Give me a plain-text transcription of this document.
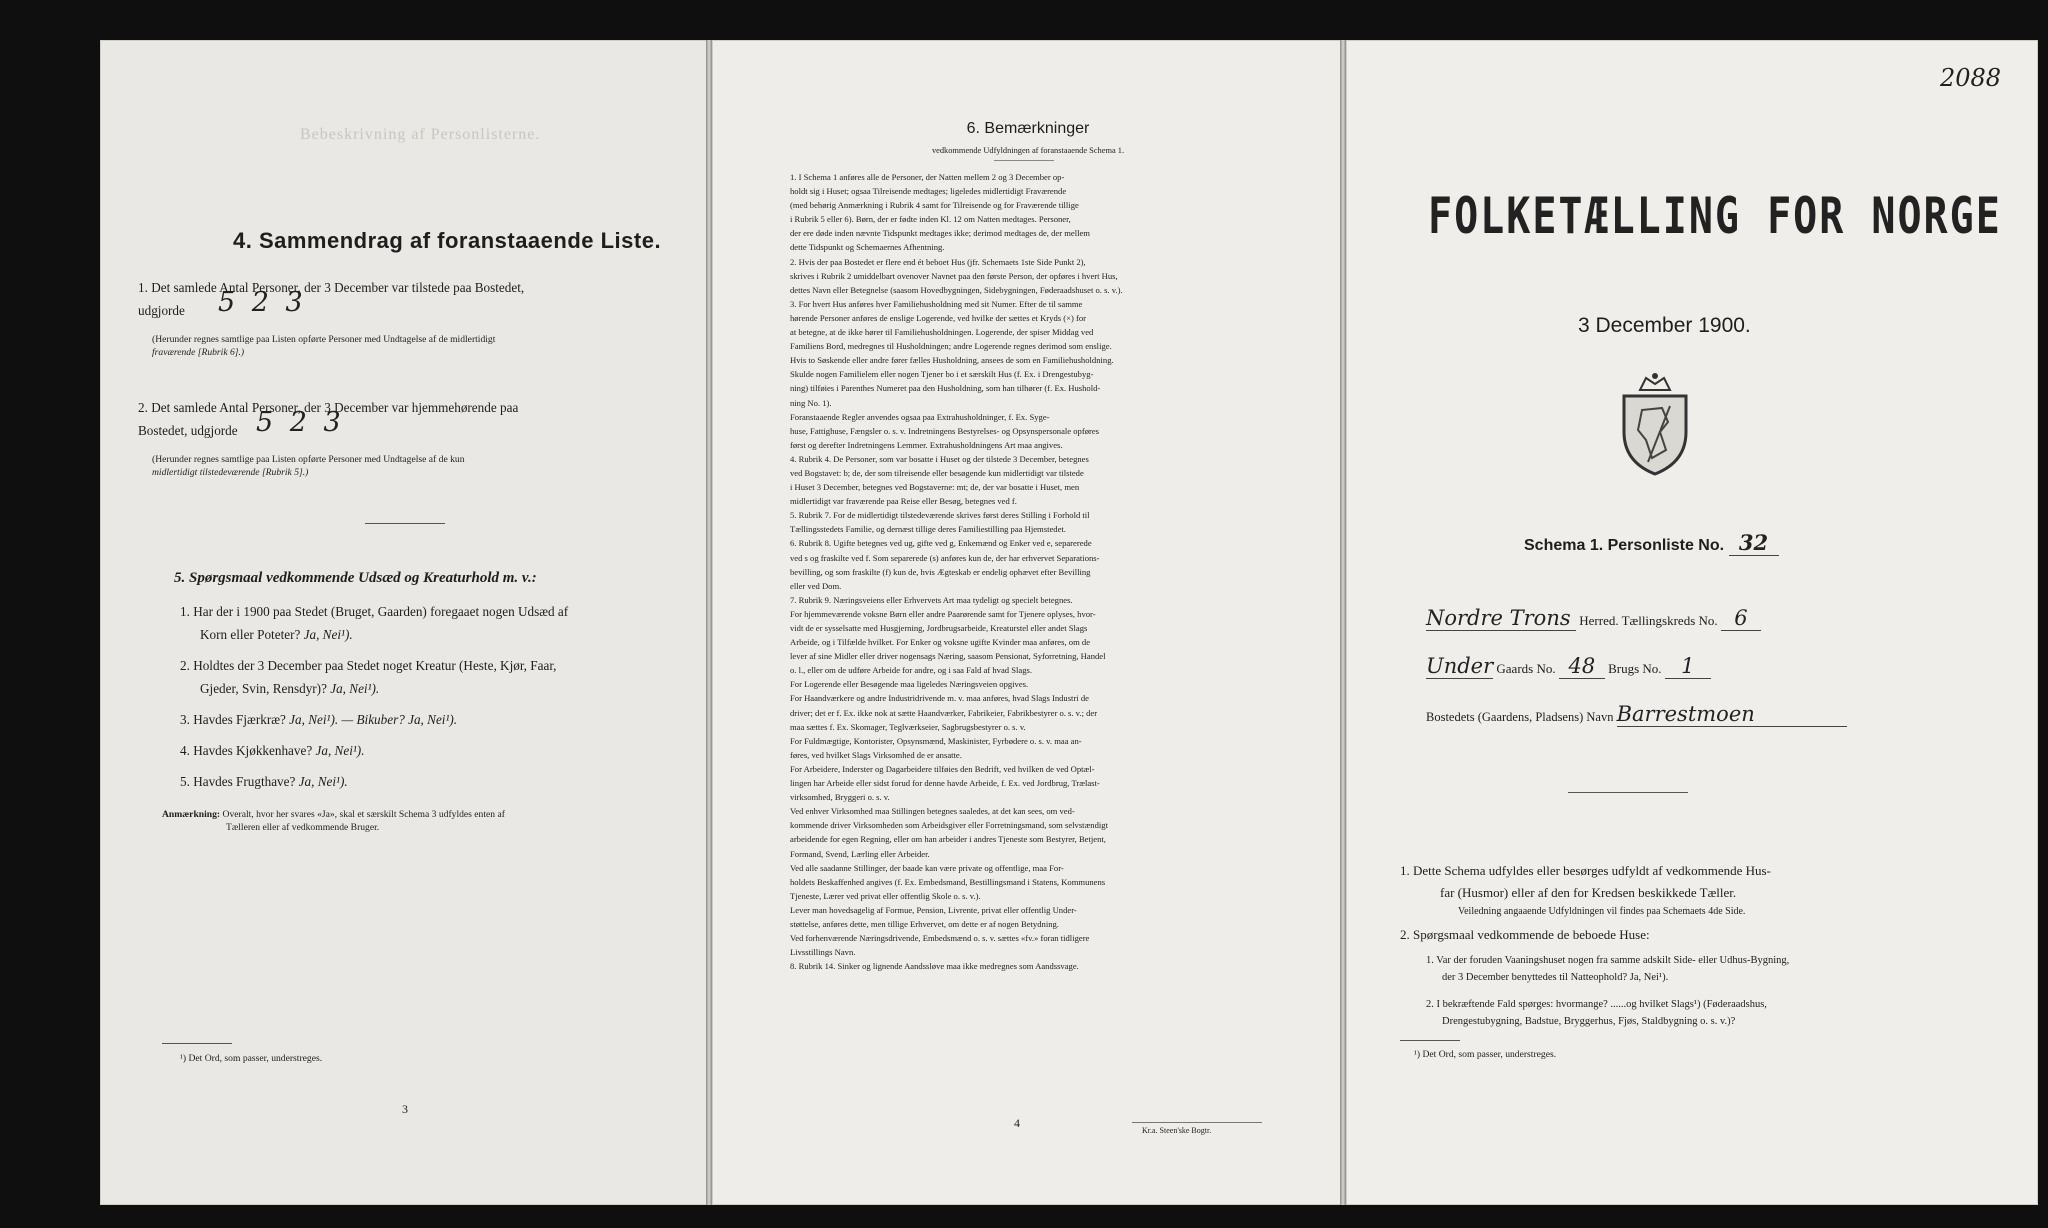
Bebeskrivning af Personlisterne.
4. Sammendrag af foranstaaende Liste.
1. Det samlede Antal Personer, der 3 December var tilstede paa Bostedet,
udgjorde 5 2 3
(Herunder regnes samtlige paa Listen opførte Personer med Undtagelse af de midlertidigt
fraværende [Rubrik 6].)
2. Det samlede Antal Personer, der 3 December var hjemmehørende paa
Bostedet, udgjorde 5 2 3
(Herunder regnes samtlige paa Listen opførte Personer med Undtagelse af de kun
midlertidigt tilstedeværende [Rubrik 5].)
5. Spørgsmaal vedkommende Udsæd og Kreaturhold m. v.:
1. Har der i 1900 paa Stedet (Bruget, Gaarden) foregaaet nogen Udsæd af
Korn eller Poteter? Ja, Nei¹).
2. Holdtes der 3 December paa Stedet noget Kreatur (Heste, Kjør, Faar,
Gjeder, Svin, Rensdyr)? Ja, Nei¹).
3. Havdes Fjærkræ? Ja, Nei¹). — Bikuber? Ja, Nei¹).
4. Havdes Kjøkkenhave? Ja, Nei¹).
5. Havdes Frugthave? Ja, Nei¹).
Anmærkning: Overalt, hvor her svares «Ja», skal et særskilt Schema 3 udfyldes enten af
Tælleren eller af vedkommende Bruger.
¹) Det Ord, som passer, understreges.
3
6. Bemærkninger
vedkommende Udfyldningen af foranstaaende Schema 1.
1. I Schema 1 anføres alle de Personer, der Natten mellem 2 og 3 December op-
holdt sig i Huset; ogsaa Tilreisende medtages; ligeledes midlertidigt Fraværende
(med behørig Anmærkning i Rubrik 4 samt for Tilreisende og for Fraværende tillige
i Rubrik 5 eller 6). Børn, der er fødte inden Kl. 12 om Natten medtages. Personer,
der ere døde inden nævnte Tidspunkt medtages ikke; derimod medtages de, der mellem
dette Tidspunkt og Schemaernes Afhentning.
2. Hvis der paa Bostedet er flere end ét beboet Hus (jfr. Schemaets 1ste Side Punkt 2),
skrives i Rubrik 2 umiddelbart ovenover Navnet paa den første Person, der opføres i hvert Hus,
dettes Navn eller Betegnelse (saasom Hovedbygningen, Sidebygningen, Føderaadshuset o. s. v.).
3. For hvert Hus anføres hver Familiehusholdning med sit Numer. Efter de til samme
hørende Personer anføres de enslige Logerende, ved hvilke der sættes et Kryds (×) for
at betegne, at de ikke hører til Familiehusholdningen. Logerende, der spiser Middag ved
Familiens Bord, medregnes til Husholdningen; andre Logerende regnes derimod som enslige.
Hvis to Søskende eller andre fører fælles Husholdning, ansees de som en Familiehusholdning.
Skulde nogen Familielem eller nogen Tjener bo i et særskilt Hus (f. Ex. i Drengestubyg-
ning) tilføies i Parenthes Numeret paa den Husholdning, som han tilhører (f. Ex. Hushold-
ning No. 1).
Foranstaaende Regler anvendes ogsaa paa Extrahusholdninger, f. Ex. Syge-
huse, Fattighuse, Fængsler o. s. v. Indretningens Bestyrelses- og Opsynspersonale opføres
først og derefter Indretningens Lemmer. Extrahusholdningens Art maa angives.
4. Rubrik 4. De Personer, som var bosatte i Huset og der tilstede 3 December, betegnes
ved Bogstavet: b; de, der som tilreisende eller besøgende kun midlertidigt var tilstede
i Huset 3 December, betegnes ved Bogstaverne: mt; de, der var bosatte i Huset, men
midlertidigt var fraværende paa Reise eller Besøg, betegnes ved f.
5. Rubrik 7. For de midlertidigt tilstedeværende skrives først deres Stilling i Forhold til
Tællingsstedets Familie, og dernæst tillige deres Familiestilling paa Hjemstedet.
6. Rubrik 8. Ugifte betegnes ved ug, gifte ved g, Enkemænd og Enker ved e, separerede
ved s og fraskilte ved f. Som separerede (s) anføres kun de, der har erhvervet Separations-
bevilling, og som fraskilte (f) kun de, hvis Ægteskab er endelig ophævet efter Bevilling
eller ved Dom.
7. Rubrik 9. Næringsveiens eller Erhvervets Art maa tydeligt og specielt betegnes.
For hjemmeværende voksne Børn eller andre Paarørende samt for Tjenere oplyses, hvor-
vidt de er sysselsatte med Husgjerning, Jordbrugsarbeide, Kreaturstel eller andet Slags
Arbeide, og i Tilfælde hvilket. For Enker og voksne ugifte Kvinder maa anføres, om de
lever af sine Midler eller driver nogensags Næring, saasom Pensionat, Syforretning, Handel
o. l., eller om de udføre Arbeide for andre, og i saa Fald af hvad Slags.
For Logerende eller Besøgende maa ligeledes Næringsveien opgives.
For Haandværkere og andre Industridrivende m. v. maa anføres, hvad Slags Industri de
driver; det er f. Ex. ikke nok at sætte Haandværker, Fabrikeier, Fabrikbestyrer o. s. v.; der
maa sættes f. Ex. Skomager, Teglværkseier, Sagbrugsbestyrer o. s. v.
For Fuldmægtige, Kontorister, Opsynsmænd, Maskinister, Fyrbødere o. s. v. maa an-
føres, ved hvilket Slags Virksomhed de er ansatte.
For Arbeidere, Inderster og Dagarbeidere tilføies den Bedrift, ved hvilken de ved Optæl-
lingen har Arbeide eller sidst forud for denne havde Arbeide, f. Ex. ved Jordbrug, Trælast-
virksomhed, Bryggeri o. s. v.
Ved enhver Virksomhed maa Stillingen betegnes saaledes, at det kan sees, om ved-
kommende driver Virksomheden som Arbeidsgiver eller Forretningsmand, som selvstændigt
arbeidende for egen Regning, eller om han arbeider i andres Tjeneste som Bestyrer, Betjent,
Formand, Svend, Lærling eller Arbeider.
Ved alle saadanne Stillinger, der baade kan være private og offentlige, maa For-
holdets Beskaffenhed angives (f. Ex. Embedsmand, Bestillingsmand i Statens, Kommunens
Tjeneste, Lærer ved privat eller offentlig Skole o. s. v.).
Lever man hovedsagelig af Formue, Pension, Livrente, privat eller offentlig Under-
støttelse, anføres dette, men tillige Erhvervet, om dette er af nogen Betydning.
Ved forhenværende Næringsdrivende, Embedsmænd o. s. v. sættes «fv.» foran tidligere
Livsstillings Navn.
8. Rubrik 14. Sinker og lignende Aandssløve maa ikke medregnes som Aandssvage.
4
Kr.a. Steen'ske Bogtr.
2088
FOLKETÆLLING FOR NORGE
3 December 1900.
Schema 1. Personliste No. 32
Nordre Trons Herred. Tællingskreds No. 6
Under Gaards No. 48 Brugs No. 1
Bostedets (Gaardens, Pladsens) Navn Barrestmoen
1. Dette Schema udfyldes eller besørges udfyldt af vedkommende Hus-
far (Husmor) eller af den for Kredsen beskikkede Tæller.
Veiledning angaaende Udfyldningen vil findes paa Schemaets 4de Side.
2. Spørgsmaal vedkommende de beboede Huse:
1. Var der foruden Vaaningshuset nogen fra samme adskilt Side- eller Udhus-Bygning,
der 3 December benyttedes til Natteophold? Ja, Nei¹).
2. I bekræftende Fald spørges: hvormange? ......og hvilket Slags¹) (Føderaadshus,
Drengestubygning, Badstue, Bryggerhus, Fjøs, Staldbygning o. s. v.)?
¹) Det Ord, som passer, understreges.
